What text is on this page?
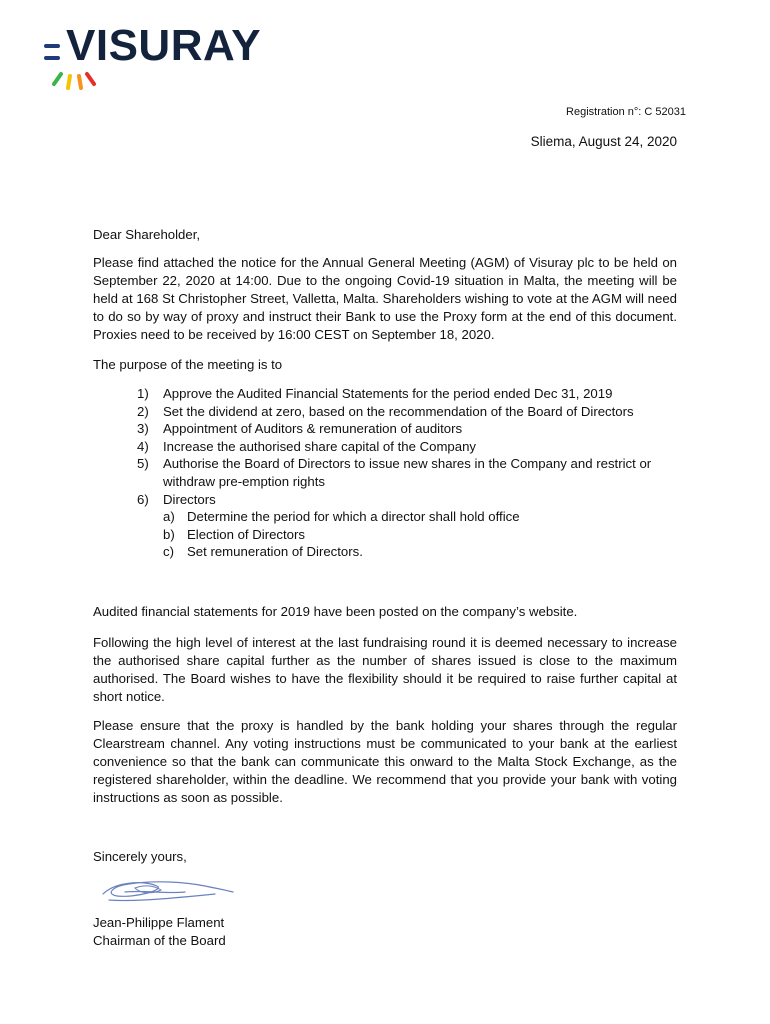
VISURAY
Registration n°: C 52031
Sliema, August 24, 2020
Dear Shareholder,

Please find attached the notice for the Annual General Meeting (AGM) of Visuray plc to be held on September 22, 2020 at 14:00. Due to the ongoing Covid-19 situation in Malta, the meeting will be held at 168 St Christopher Street, Valletta, Malta. Shareholders wishing to vote at the AGM will need to do so by way of proxy and instruct their Bank to use the Proxy form at the end of this document. Proxies need to be received by 16:00 CEST on September 18, 2020.

The purpose of the meeting is to
1) Approve the Audited Financial Statements for the period ended Dec 31, 2019
2) Set the dividend at zero, based on the recommendation of the Board of Directors
3) Appointment of Auditors & remuneration of auditors
4) Increase the authorised share capital of the Company
5) Authorise the Board of Directors to issue new shares in the Company and restrict or withdraw pre-emption rights
6) Directors
a) Determine the period for which a director shall hold office
b) Election of Directors
c) Set remuneration of Directors.

Audited financial statements for 2019 have been posted on the company’s website.

Following the high level of interest at the last fundraising round it is deemed necessary to increase the authorised share capital further as the number of shares issued is close to the maximum authorised. The Board wishes to have the flexibility should it be required to raise further capital at short notice.

Please ensure that the proxy is handled by the bank holding your shares through the regular Clearstream channel. Any voting instructions must be communicated to your bank at the earliest convenience so that the bank can communicate this onward to the Malta Stock Exchange, as the registered shareholder, within the deadline. We recommend that you provide your bank with voting instructions as soon as possible.

Sincerely yours,
Jean-Philippe Flament
Chairman of the Board
